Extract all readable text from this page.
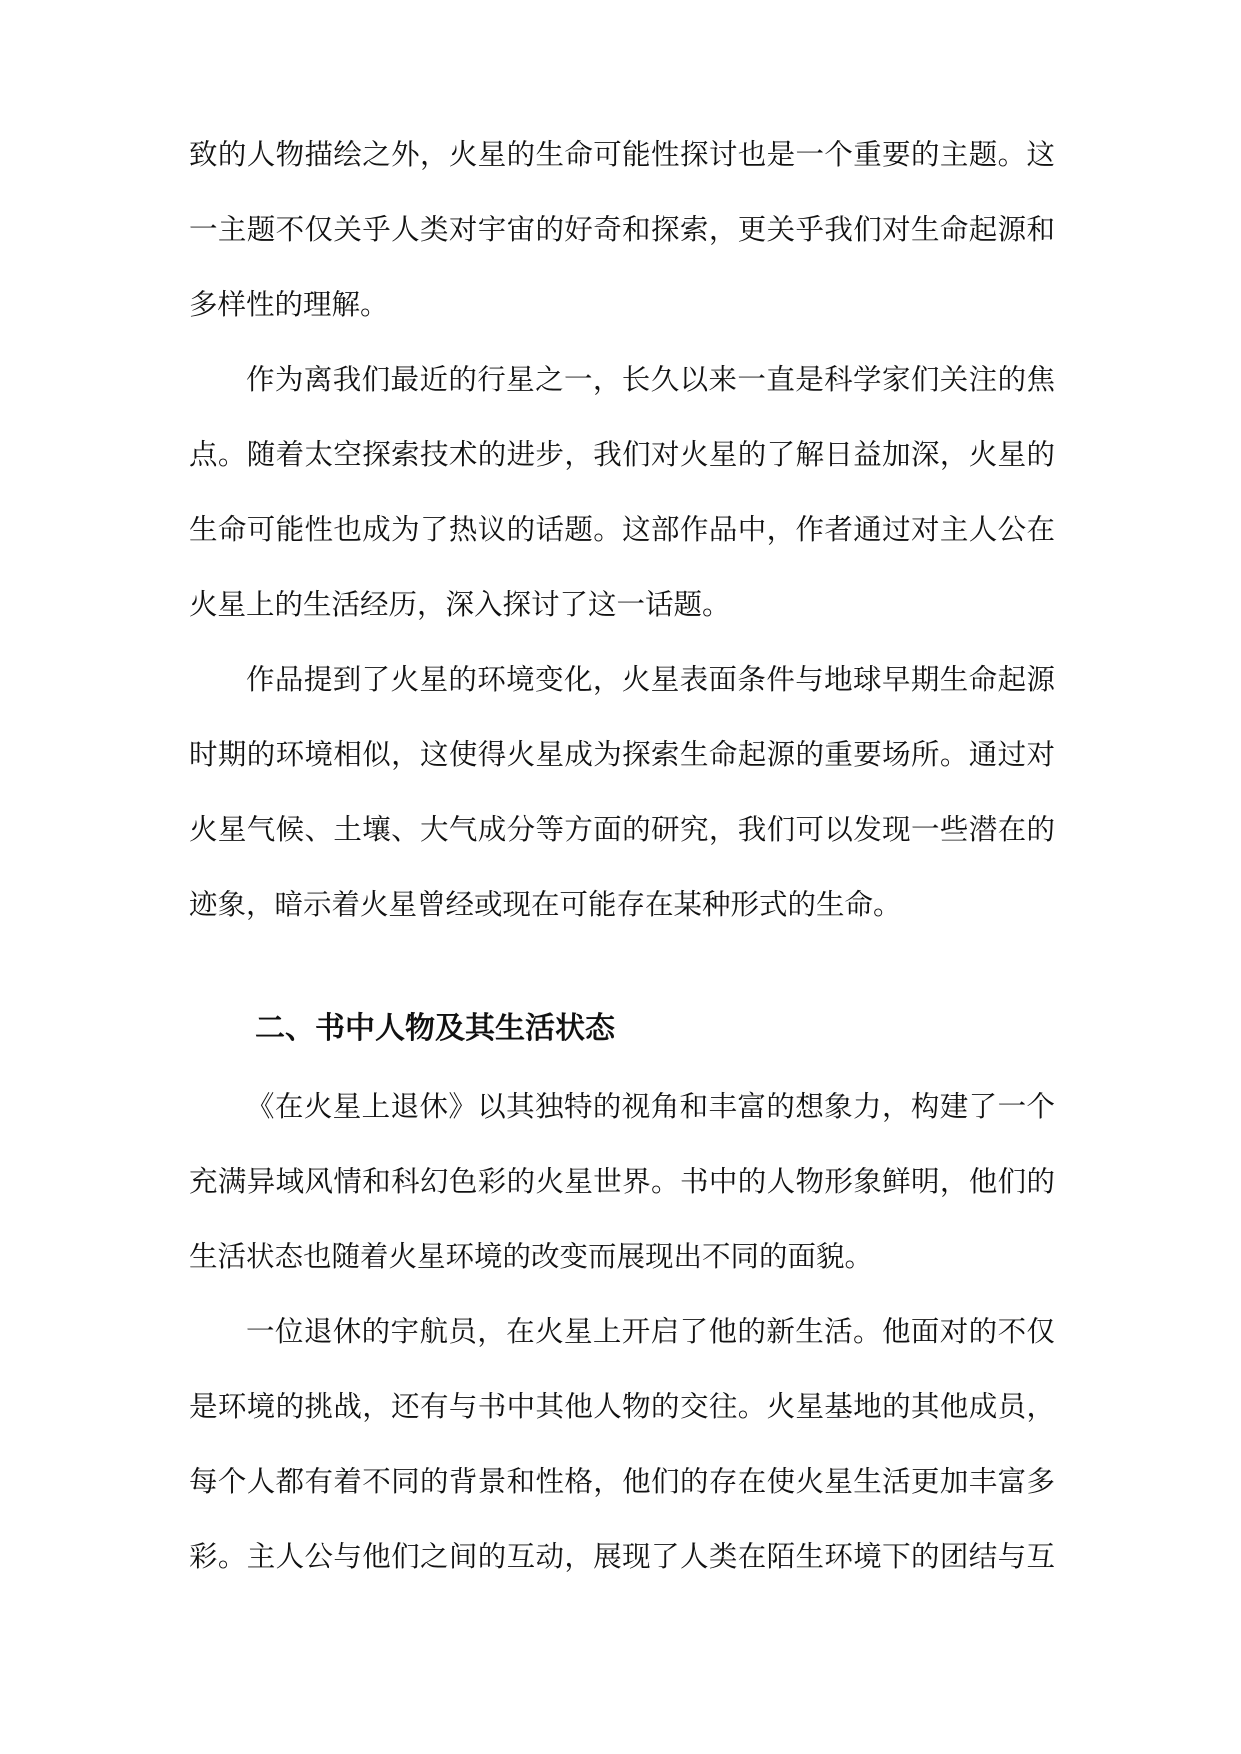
致的人物描绘之外，火星的生命可能性探讨也是一个重要的主题。这
一主题不仅关乎人类对宇宙的好奇和探索，更关乎我们对生命起源和
多样性的理解。
作为离我们最近的行星之一，长久以来一直是科学家们关注的焦
点。随着太空探索技术的进步，我们对火星的了解日益加深，火星的
生命可能性也成为了热议的话题。这部作品中，作者通过对主人公在
火星上的生活经历，深入探讨了这一话题。
作品提到了火星的环境变化，火星表面条件与地球早期生命起源
时期的环境相似，这使得火星成为探索生命起源的重要场所。通过对
火星气候、土壤、大气成分等方面的研究，我们可以发现一些潜在的
迹象，暗示着火星曾经或现在可能存在某种形式的生命。
二、书中人物及其生活状态
《在火星上退休》以其独特的视角和丰富的想象力，构建了一个
充满异域风情和科幻色彩的火星世界。书中的人物形象鲜明，他们的
生活状态也随着火星环境的改变而展现出不同的面貌。
一位退休的宇航员，在火星上开启了他的新生活。他面对的不仅
是环境的挑战，还有与书中其他人物的交往。火星基地的其他成员，
每个人都有着不同的背景和性格，他们的存在使火星生活更加丰富多
彩。主人公与他们之间的互动，展现了人类在陌生环境下的团结与互
